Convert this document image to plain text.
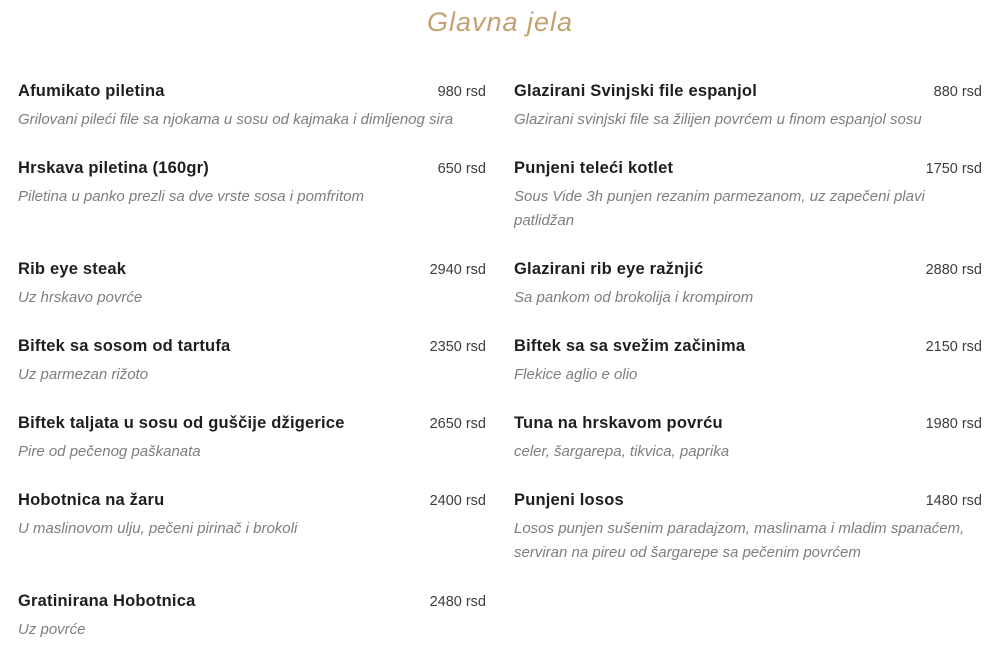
Glavna jela
Afumikato piletina	980 rsd
Grilovani pileći file sa njokama u sosu od kajmaka i dimljenog sira
Hrskava piletina (160gr)	650 rsd
Piletina u panko prezli sa dve vrste sosa i pomfritom
Rib eye steak	2940 rsd
Uz hrskavo povrće
Biftek sa sosom od tartufa	2350 rsd
Uz parmezan rižoto
Biftek taljata u sosu od guščije džigerice	2650 rsd
Pire od pečenog paškanata
Hobotnica na žaru	2400 rsd
U maslinovom ulju, pečeni pirinač i brokoli
Gratinirana Hobotnica	2480 rsd
Uz povrće
Glazirani Svinjski file espanjol	880 rsd
Glazirani svinjski file sa žilijen povrćem u finom espanjol sosu
Punjeni teleći kotlet	1750 rsd
Sous Vide 3h punjen rezanim parmezanom, uz zapečeni plavi patlidžan
Glazirani rib eye ražnjić	2880 rsd
Sa pankom od brokolija i krompirom
Biftek sa sa svežim začinima	2150 rsd
Flekice aglio e olio
Tuna na hrskavom povrću	1980 rsd
celer, šargarepa, tikvica, paprika
Punjeni losos	1480 rsd
Losos punjen sušenim paradajzom, maslinama i mladim spanaćem, serviran na pireu od šargarepe sa pečenim povrćem
